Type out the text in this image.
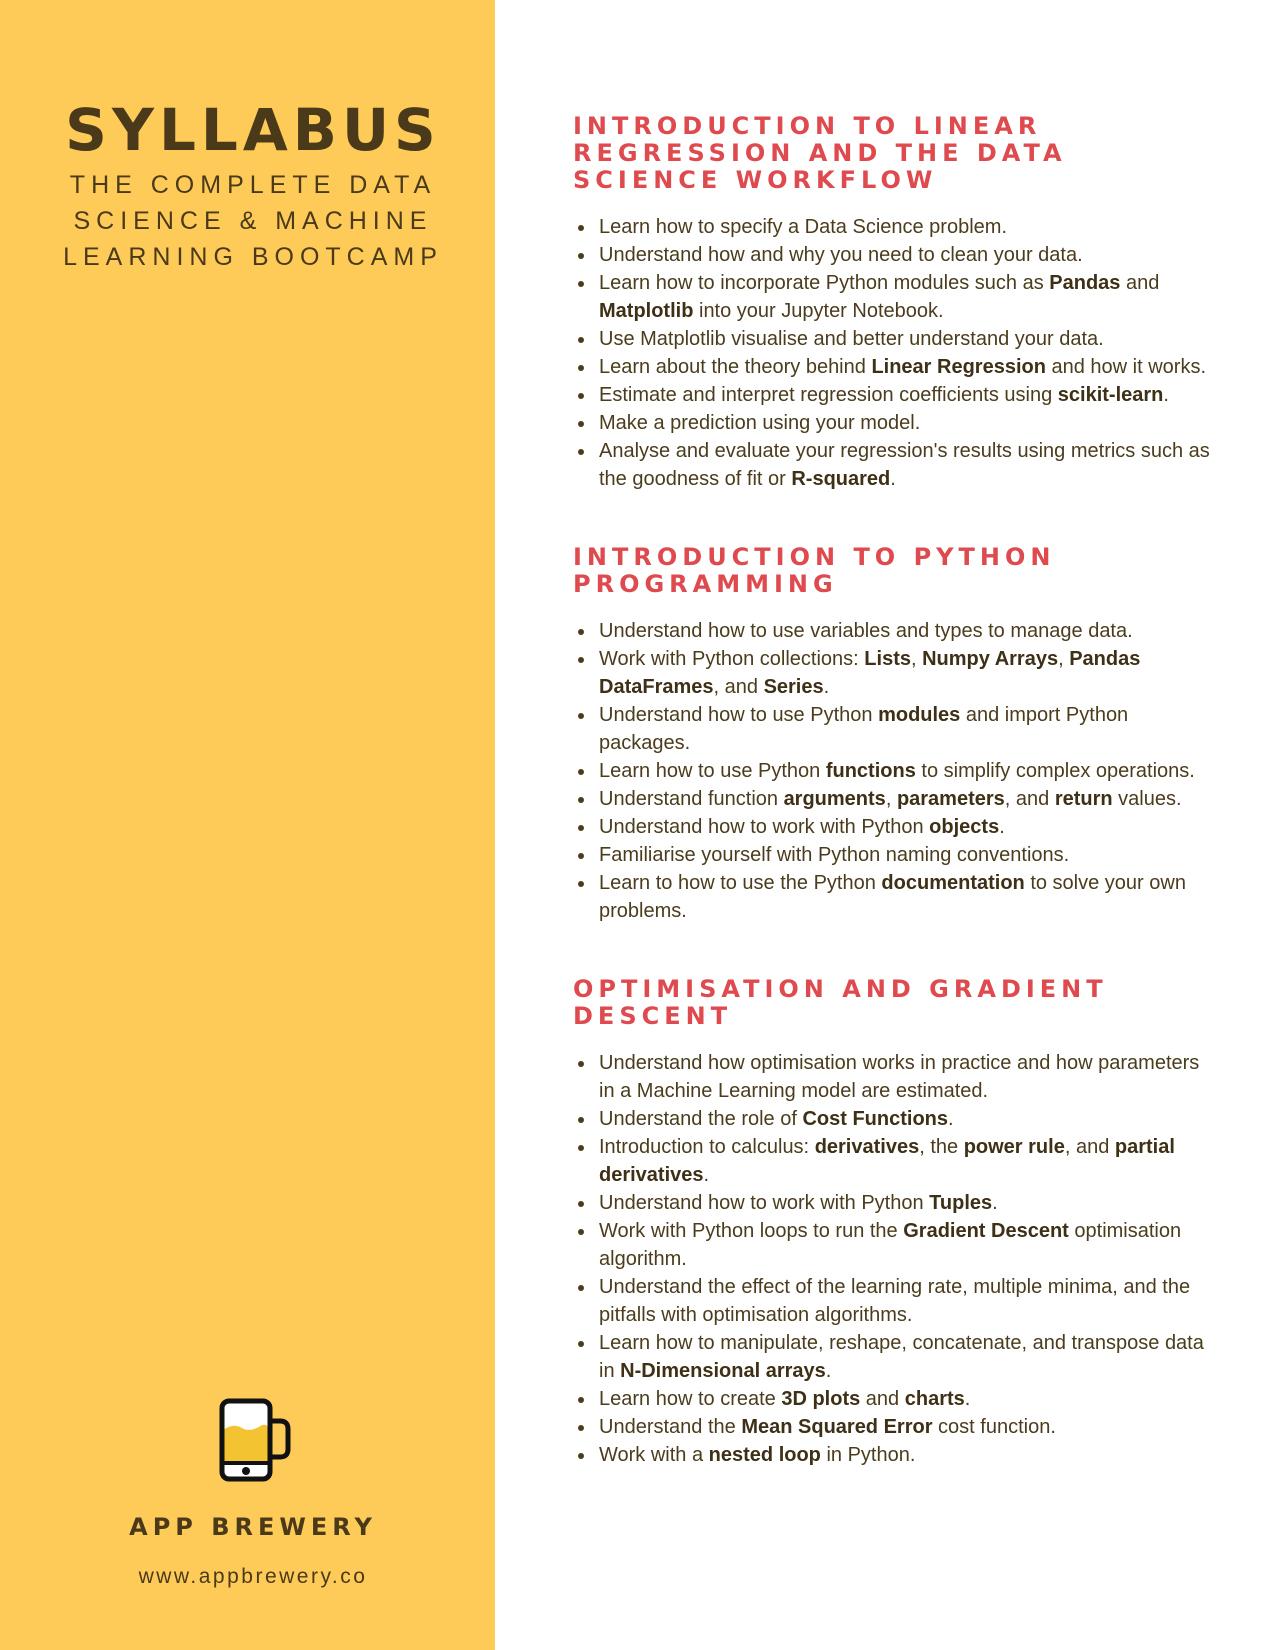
SYLLABUS
THE COMPLETE DATA
SCIENCE & MACHINE
LEARNING BOOTCAMP
APP BREWERY
www.appbrewery.co
INTRODUCTION TO LINEAR
REGRESSION AND THE DATA
SCIENCE WORKFLOW
Learn how to specify a Data Science problem.
Understand how and why you need to clean your data.
Learn how to incorporate Python modules such as Pandas and Matplotlib into your Jupyter Notebook.
Use Matplotlib visualise and better understand your data.
Learn about the theory behind Linear Regression and how it works.
Estimate and interpret regression coefficients using scikit-learn.
Make a prediction using your model.
Analyse and evaluate your regression's results using metrics such as the goodness of fit or R-squared.
INTRODUCTION TO PYTHON
PROGRAMMING
Understand how to use variables and types to manage data.
Work with Python collections: Lists, Numpy Arrays, Pandas DataFrames, and Series.
Understand how to use Python modules and import Python packages.
Learn how to use Python functions to simplify complex operations.
Understand function arguments, parameters, and return values.
Understand how to work with Python objects.
Familiarise yourself with Python naming conventions.
Learn to how to use the Python documentation to solve your own problems.
OPTIMISATION AND GRADIENT
DESCENT
Understand how optimisation works in practice and how parameters in a Machine Learning model are estimated.
Understand the role of Cost Functions.
Introduction to calculus: derivatives, the power rule, and partial derivatives.
Understand how to work with Python Tuples.
Work with Python loops to run the Gradient Descent optimisation algorithm.
Understand the effect of the learning rate, multiple minima, and the pitfalls with optimisation algorithms.
Learn how to manipulate, reshape, concatenate, and transpose data in N-Dimensional arrays.
Learn how to create 3D plots and charts.
Understand the Mean Squared Error cost function.
Work with a nested loop in Python.
